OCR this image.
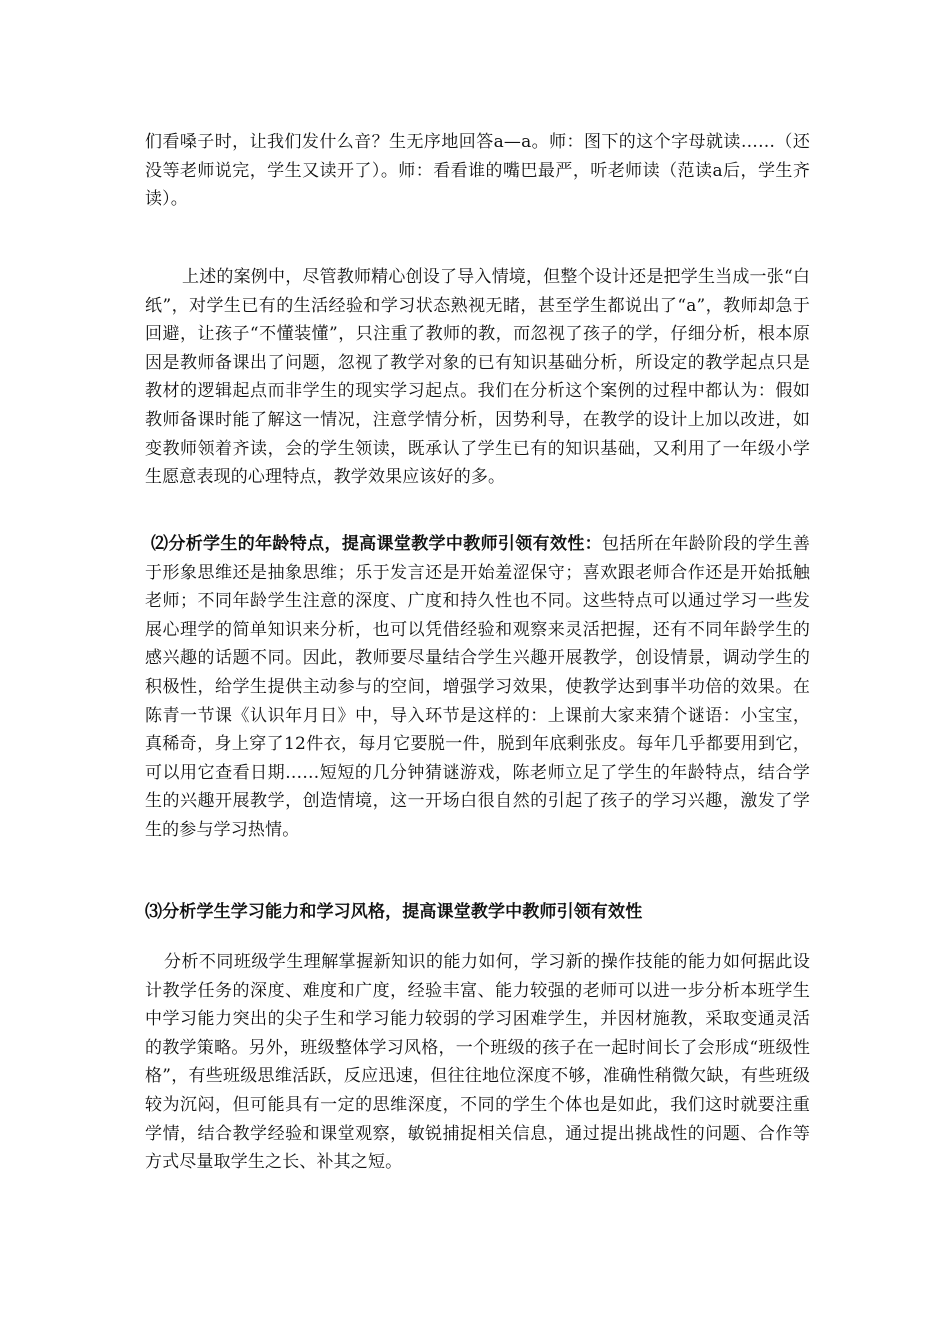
们看嗓子时，让我们发什么音？生无序地回答a—a。师：图下的这个字母就读……（还没等老师说完，学生又读开了）。师：看看谁的嘴巴最严，听老师读（范读a后，学生齐读）。

上述的案例中，尽管教师精心创设了导入情境，但整个设计还是把学生当成一张“白纸”，对学生已有的生活经验和学习状态熟视无睹，甚至学生都说出了“a”，教师却急于回避，让孩子“不懂装懂”，只注重了教师的教，而忽视了孩子的学，仔细分析，根本原因是教师备课出了问题，忽视了教学对象的已有知识基础分析，所设定的教学起点只是教材的逻辑起点而非学生的现实学习起点。我们在分析这个案例的过程中都认为：假如教师备课时能了解这一情况，注意学情分析，因势利导，在教学的设计上加以改进，如变教师领着齐读，会的学生领读，既承认了学生已有的知识基础，又利用了一年级小学生愿意表现的心理特点，教学效果应该好的多。

⑵分析学生的年龄特点，提高课堂教学中教师引领有效性：包括所在年龄阶段的学生善于形象思维还是抽象思维；乐于发言还是开始羞涩保守；喜欢跟老师合作还是开始抵触老师；不同年龄学生注意的深度、广度和持久性也不同。这些特点可以通过学习一些发展心理学的简单知识来分析，也可以凭借经验和观察来灵活把握，还有不同年龄学生的感兴趣的话题不同。因此，教师要尽量结合学生兴趣开展教学，创设情景，调动学生的积极性，给学生提供主动参与的空间，增强学习效果，使教学达到事半功倍的效果。在陈青一节课《认识年月日》中，导入环节是这样的：上课前大家来猜个谜语：小宝宝，真稀奇，身上穿了12件衣，每月它要脱一件，脱到年底剩张皮。每年几乎都要用到它，可以用它查看日期……短短的几分钟猜谜游戏，陈老师立足了学生的年龄特点，结合学生的兴趣开展教学，创造情境，这一开场白很自然的引起了孩子的学习兴趣，激发了学生的参与学习热情。

⑶分析学生学习能力和学习风格，提高课堂教学中教师引领有效性

分析不同班级学生理解掌握新知识的能力如何，学习新的操作技能的能力如何据此设计教学任务的深度、难度和广度，经验丰富、能力较强的老师可以进一步分析本班学生中学习能力突出的尖子生和学习能力较弱的学习困难学生，并因材施教，采取变通灵活的教学策略。另外，班级整体学习风格，一个班级的孩子在一起时间长了会形成“班级性格”，有些班级思维活跃，反应迅速，但往往地位深度不够，准确性稍微欠缺，有些班级较为沉闷，但可能具有一定的思维深度，不同的学生个体也是如此，我们这时就要注重学情，结合教学经验和课堂观察，敏锐捕捉相关信息，通过提出挑战性的问题、合作等方式尽量取学生之长、补其之短。
